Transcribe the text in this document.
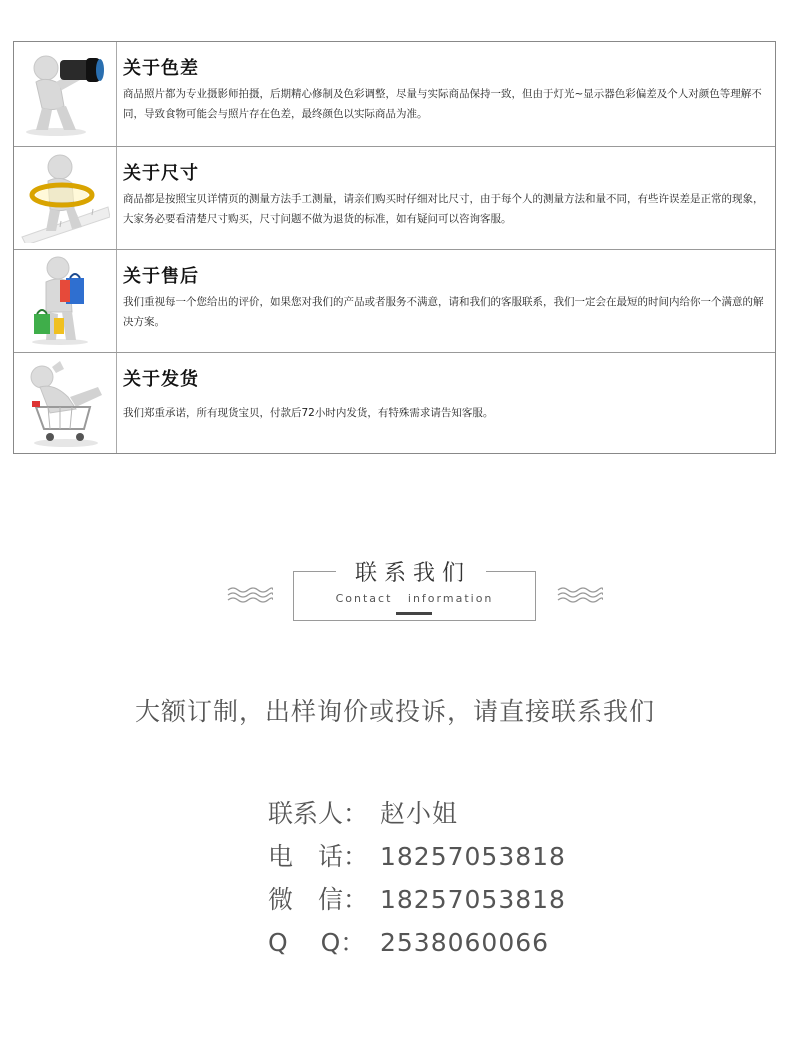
关于色差
商品照片都为专业摄影师拍摄，后期精心修制及色彩调整，尽量与实际商品保持一致，但由于灯光~显示器色彩偏差及个人对颜色等理解不同，导致食物可能会与照片存在色差，最终颜色以实际商品为准。
关于尺寸
商品都是按照宝贝详情页的测量方法手工测量，请亲们购买时仔细对比尺寸，由于每个人的测量方法和量不同，有些许误差是正常的现象，大家务必要看清楚尺寸购买，尺寸问题不做为退货的标准，如有疑问可以咨询客服。
关于售后
我们重视每一个您给出的评价，如果您对我们的产品或者服务不满意，请和我们的客服联系，我们一定会在最短的时间内给你一个满意的解决方案。
关于发货
我们郑重承诺，所有现货宝贝，付款后72小时内发货，有特殊需求请告知客服。
联系我们
Contact information
大额订制，出样询价或投诉，请直接联系我们
联系人： 赵小姐
电　话： 18257053818
微　信： 18257053818
Q　 Q： 2538060066
